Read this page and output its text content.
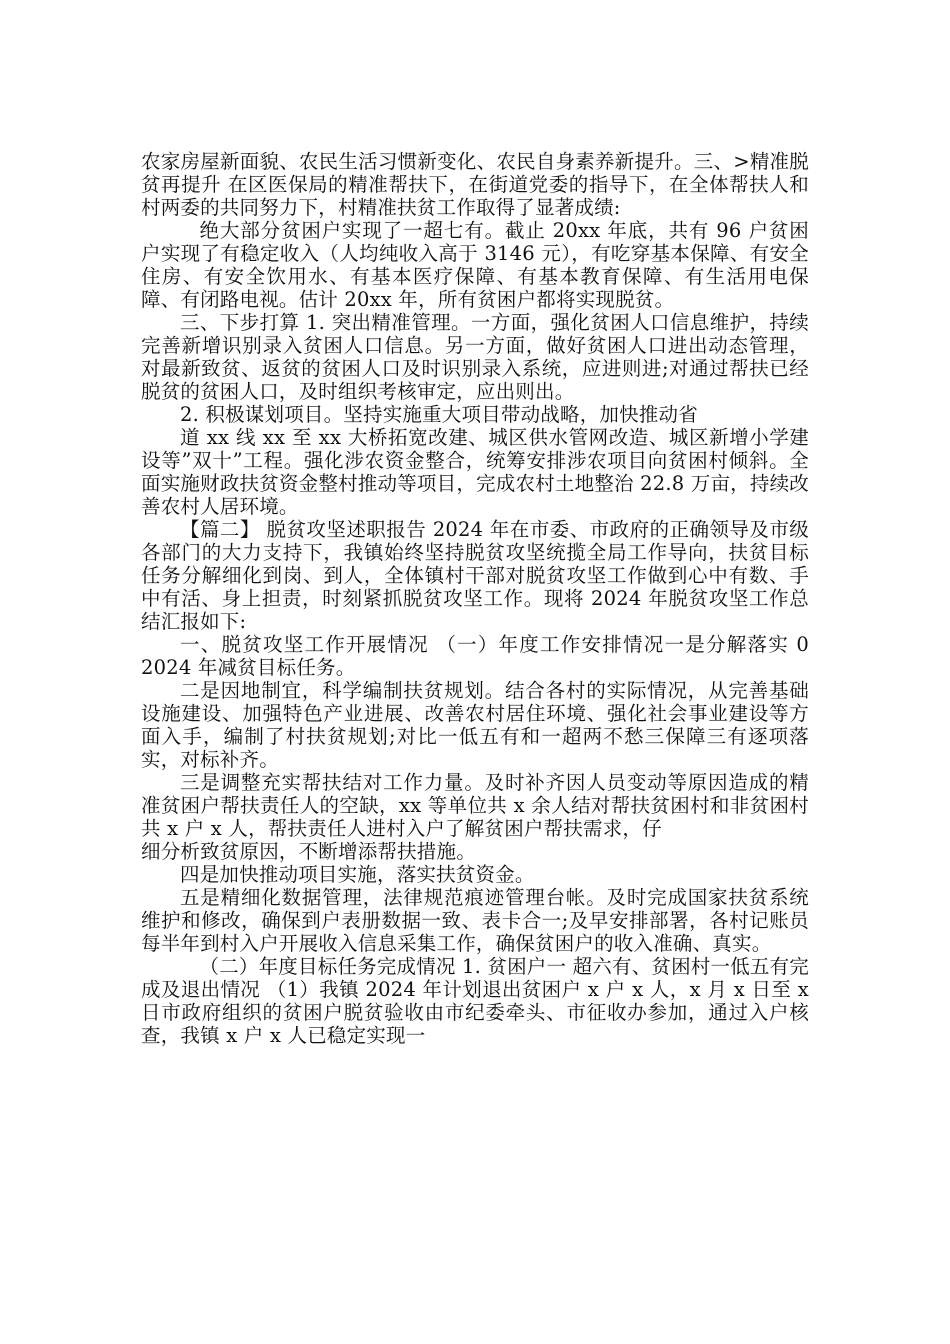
农家房屋新面貌、农民生活习惯新变化、农民自身素养新提升。三、>精准脱贫再提升 在区医保局的精准帮扶下，在街道党委的指导下，在全体帮扶人和村两委的共同努力下，村精准扶贫工作取得了显著成绩:

绝大部分贫困户实现了一超七有。截止 20xx 年底，共有 96 户贫困户实现了有稳定收入（人均纯收入高于 3146 元），有吃穿基本保障、有安全住房、有安全饮用水、有基本医疗保障、有基本教育保障、有生活用电保障、有闭路电视。估计 20xx 年，所有贫困户都将实现脱贫。

三、下步打算 1. 突出精准管理。一方面，强化贫困人口信息维护，持续完善新增识别录入贫困人口信息。另一方面，做好贫困人口进出动态管理，对最新致贫、返贫的贫困人口及时识别录入系统，应进则进;对通过帮扶已经脱贫的贫困人口，及时组织考核审定，应出则出。

2. 积极谋划项目。坚持实施重大项目带动战略，加快推动省

道 xx 线 xx 至 xx 大桥拓宽改建、城区供水管网改造、城区新增小学建设等”双十”工程。强化涉农资金整合，统筹安排涉农项目向贫困村倾斜。全面实施财政扶贫资金整村推动等项目，完成农村土地整治 22.8 万亩，持续改善农村人居环境。

【篇二】 脱贫攻坚述职报告 2024 年在市委、市政府的正确领导及市级各部门的大力支持下，我镇始终坚持脱贫攻坚统揽全局工作导向，扶贫目标任务分解细化到岗、到人，全体镇村干部对脱贫攻坚工作做到心中有数、手中有活、身上担责，时刻紧抓脱贫攻坚工作。现将 2024 年脱贫攻坚工作总结汇报如下:

一、脱贫攻坚工作开展情况 （一）年度工作安排情况一是分解落实 0 2024 年减贫目标任务。

二是因地制宜，科学编制扶贫规划。结合各村的实际情况，从完善基础设施建设、加强特色产业进展、改善农村居住环境、强化社会事业建设等方面入手，编制了村扶贫规划;对比一低五有和一超两不愁三保障三有逐项落实，对标补齐。

三是调整充实帮扶结对工作力量。及时补齐因人员变动等原因造成的精准贫困户帮扶责任人的空缺，xx 等单位共 x 余人结对帮扶贫困村和非贫困村共 x 户 x 人，帮扶责任人进村入户了解贫困户帮扶需求，仔

细分析致贫原因，不断增添帮扶措施。

四是加快推动项目实施，落实扶贫资金。

五是精细化数据管理，法律规范痕迹管理台帐。及时完成国家扶贫系统维护和修改，确保到户表册数据一致、表卡合一;及早安排部署，各村记账员每半年到村入户开展收入信息采集工作，确保贫困户的收入准确、真实。

（二）年度目标任务完成情况 1. 贫困户一 超六有、贫困村一低五有完成及退出情况 （1）我镇 2024 年计划退出贫困户 x 户 x 人，x 月 x 日至 x日市政府组织的贫困户脱贫验收由市纪委牵头、市征收办参加，通过入户核查，我镇 x 户 x 人已稳定实现一
